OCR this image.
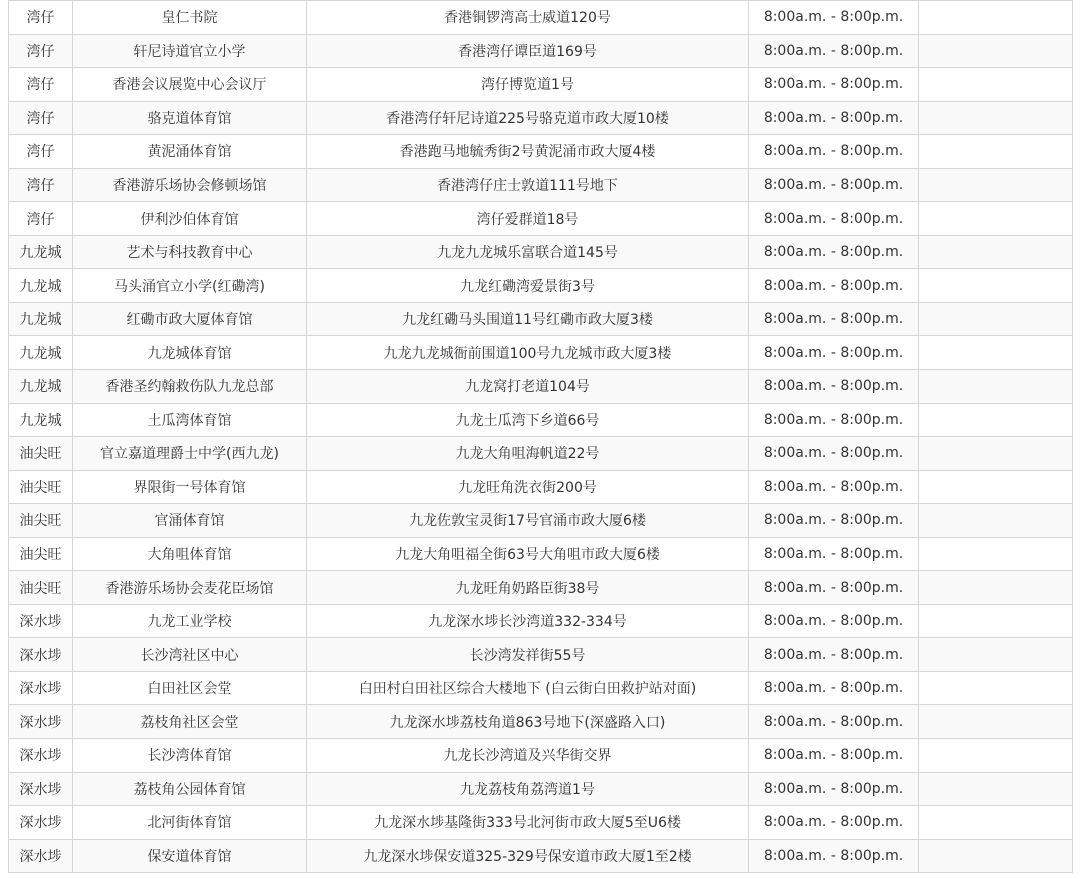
湾仔	皇仁书院	香港铜锣湾高士威道120号	8:00a.m. - 8:00p.m.	
湾仔	轩尼诗道官立小学	香港湾仔谭臣道169号	8:00a.m. - 8:00p.m.	
湾仔	香港会议展览中心会议厅	湾仔博览道1号	8:00a.m. - 8:00p.m.	
湾仔	骆克道体育馆	香港湾仔轩尼诗道225号骆克道市政大厦10楼	8:00a.m. - 8:00p.m.	
湾仔	黄泥涌体育馆	香港跑马地毓秀街2号黄泥涌市政大厦4楼	8:00a.m. - 8:00p.m.	
湾仔	香港游乐场协会修顿场馆	香港湾仔庄士敦道111号地下	8:00a.m. - 8:00p.m.	
湾仔	伊利沙伯体育馆	湾仔爱群道18号	8:00a.m. - 8:00p.m.	
九龙城	艺术与科技教育中心	九龙九龙城乐富联合道145号	8:00a.m. - 8:00p.m.	
九龙城	马头涌官立小学(红磡湾)	九龙红磡湾爱景街3号	8:00a.m. - 8:00p.m.	
九龙城	红磡市政大厦体育馆	九龙红磡马头围道11号红磡市政大厦3楼	8:00a.m. - 8:00p.m.	
九龙城	九龙城体育馆	九龙九龙城衙前围道100号九龙城市政大厦3楼	8:00a.m. - 8:00p.m.	
九龙城	香港圣约翰救伤队九龙总部	九龙窝打老道104号	8:00a.m. - 8:00p.m.	
九龙城	土瓜湾体育馆	九龙土瓜湾下乡道66号	8:00a.m. - 8:00p.m.	
油尖旺	官立嘉道理爵士中学(西九龙)	九龙大角咀海帆道22号	8:00a.m. - 8:00p.m.	
油尖旺	界限街一号体育馆	九龙旺角洗衣街200号	8:00a.m. - 8:00p.m.	
油尖旺	官涌体育馆	九龙佐敦宝灵街17号官涌市政大厦6楼	8:00a.m. - 8:00p.m.	
油尖旺	大角咀体育馆	九龙大角咀福全街63号大角咀市政大厦6楼	8:00a.m. - 8:00p.m.	
油尖旺	香港游乐场协会麦花臣场馆	九龙旺角奶路臣街38号	8:00a.m. - 8:00p.m.	
深水埗	九龙工业学校	九龙深水埗长沙湾道332-334号	8:00a.m. - 8:00p.m.	
深水埗	长沙湾社区中心	长沙湾发祥街55号	8:00a.m. - 8:00p.m.	
深水埗	白田社区会堂	白田村白田社区综合大楼地下 (白云街白田救护站对面)	8:00a.m. - 8:00p.m.	
深水埗	荔枝角社区会堂	九龙深水埗荔枝角道863号地下(深盛路入口)	8:00a.m. - 8:00p.m.	
深水埗	长沙湾体育馆	九龙长沙湾道及兴华街交界	8:00a.m. - 8:00p.m.	
深水埗	荔枝角公园体育馆	九龙荔枝角荔湾道1号	8:00a.m. - 8:00p.m.	
深水埗	北河街体育馆	九龙深水埗基隆街333号北河街市政大厦5至U6楼	8:00a.m. - 8:00p.m.	
深水埗	保安道体育馆	九龙深水埗保安道325-329号保安道市政大厦1至2楼	8:00a.m. - 8:00p.m.	
